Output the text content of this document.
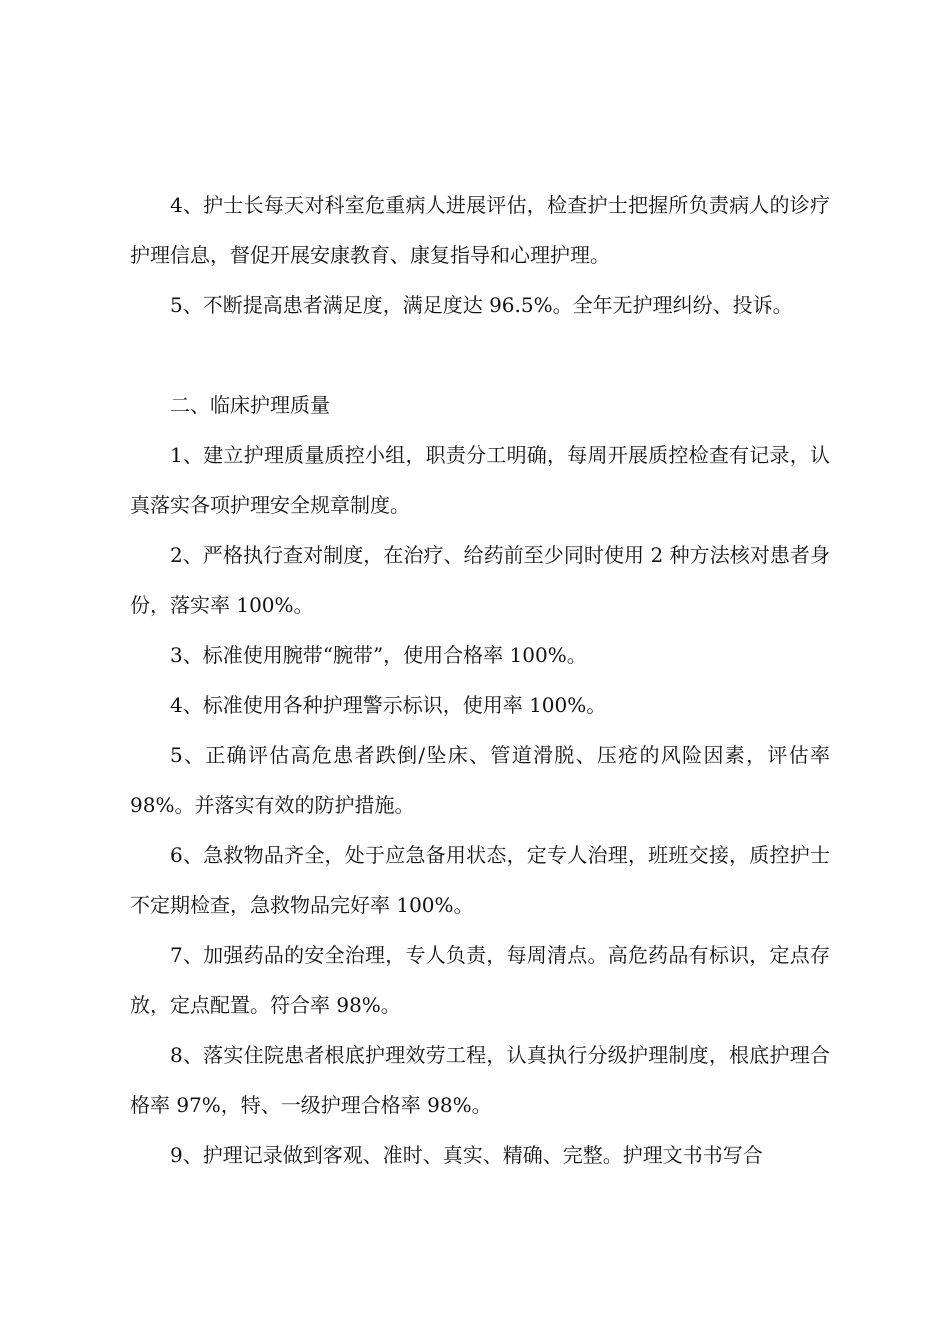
4、护士长每天对科室危重病人进展评估，检查护士把握所负责病人的诊疗护理信息，督促开展安康教育、康复指导和心理护理。

5、不断提高患者满足度，满足度达 96.5%。全年无护理纠纷、投诉。

二、临床护理质量

1、建立护理质量质控小组，职责分工明确，每周开展质控检查有记录，认真落实各项护理安全规章制度。

2、严格执行查对制度，在治疗、给药前至少同时使用 2 种方法核对患者身份，落实率 100%。

3、标准使用腕带“腕带”，使用合格率 100%。

4、标准使用各种护理警示标识，使用率 100%。

5、正确评估高危患者跌倒/坠床、管道滑脱、压疮的风险因素，评估率 98%。并落实有效的防护措施。

6、急救物品齐全，处于应急备用状态，定专人治理，班班交接，质控护士不定期检查，急救物品完好率 100%。

7、加强药品的安全治理，专人负责，每周清点。高危药品有标识，定点存放，定点配置。符合率 98%。

8、落实住院患者根底护理效劳工程，认真执行分级护理制度，根底护理合格率 97%，特、一级护理合格率 98%。

9、护理记录做到客观、准时、真实、精确、完整。护理文书书写合
